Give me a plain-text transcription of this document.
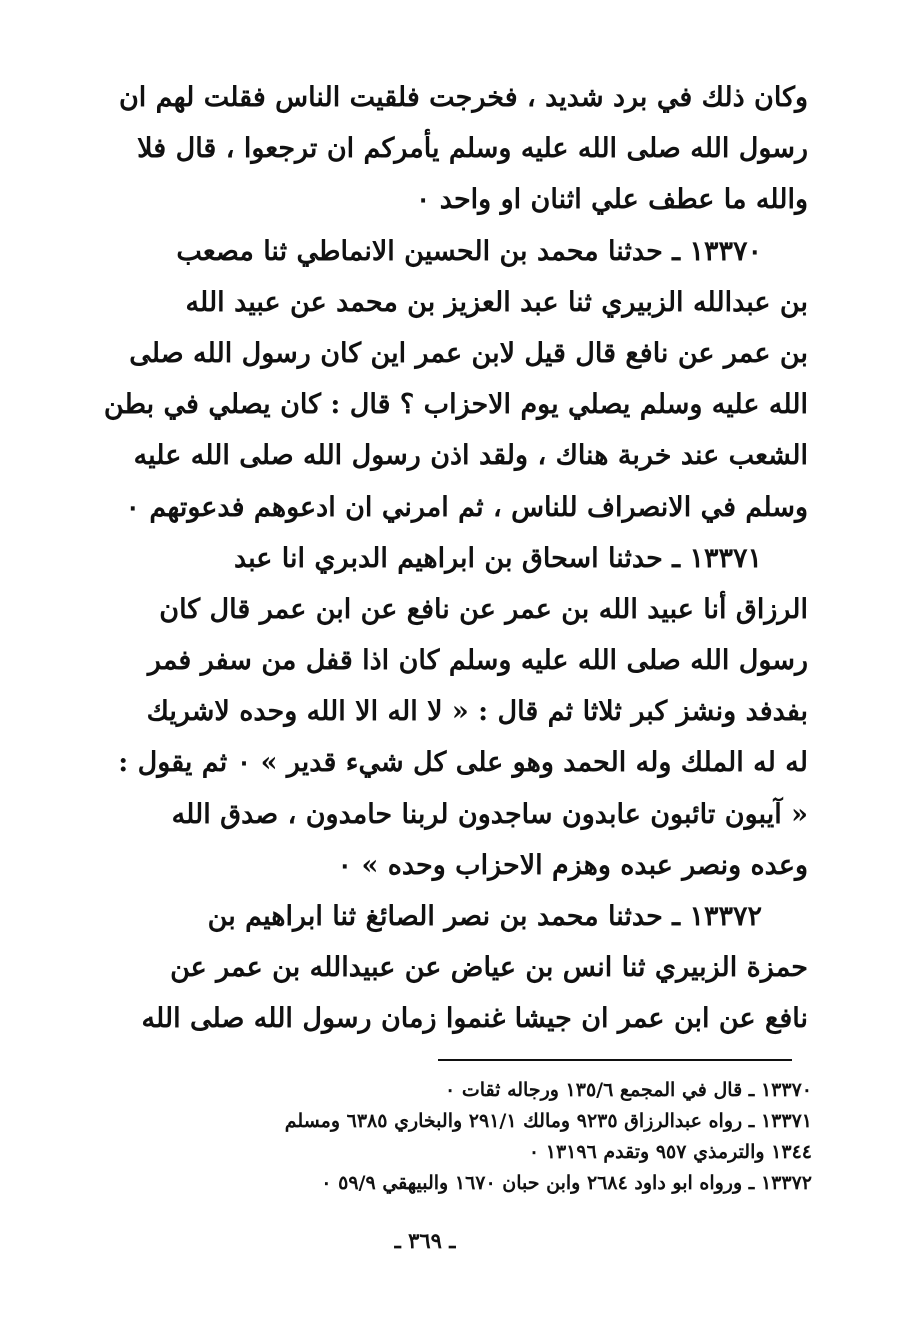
وكان ذلك في برد شديد ، فخرجت فلقيت الناس فقلت لهم ان
رسول الله صلى الله عليه وسلم يأمركم ان ترجعوا ، قال فلا
والله ما عطف علي اثنان او واحد ٠
١٣٣٧٠ ـ حدثنا محمد بن الحسين الانماطي ثنا مصعب
بن عبدالله الزبيري ثنا عبد العزيز بن محمد عن عبيد الله
بن عمر عن نافع قال قيل لابن عمر اين كان رسول الله صلى
الله عليه وسلم يصلي يوم الاحزاب ؟ قال : كان يصلي في بطن
الشعب عند خربة هناك ، ولقد اذن رسول الله صلى الله عليه
وسلم في الانصراف للناس ، ثم امرني ان ادعوهم فدعوتهم ٠
١٣٣٧١ ـ حدثنا اسحاق بن ابراهيم الدبري انا عبد
الرزاق أنا عبيد الله بن عمر عن نافع عن ابن عمر قال كان
رسول الله صلى الله عليه وسلم كان اذا قفل من سفر فمر
بفدفد ونشز كبر ثلاثا ثم قال : « لا اله الا الله وحده لاشريك
له له الملك وله الحمد وهو على كل شيء قدير » ٠ ثم يقول :
« آيبون تائبون عابدون ساجدون لربنا حامدون ، صدق الله
وعده ونصر عبده وهزم الاحزاب وحده » ٠
١٣٣٧٢ ـ حدثنا محمد بن نصر الصائغ ثنا ابراهيم بن
حمزة الزبيري ثنا انس بن عياض عن عبيدالله بن عمر عن
نافع عن ابن عمر ان جيشا غنموا زمان رسول الله صلى الله
١٣٣٧٠ ـ قال في المجمع ١٣٥/٦ ورجاله ثقات ٠
١٣٣٧١ ـ رواه عبدالرزاق ٩٢٣٥ ومالك ٢٩١/١ والبخاري ٦٣٨٥ ومسلم
١٣٤٤ والترمذي ٩٥٧ وتقدم ١٣١٩٦ ٠
١٣٣٧٢ ـ ورواه ابو داود ٢٦٨٤ وابن حبان ١٦٧٠ والبيهقي ٥٩/٩ ٠
ـ ٣٦٩ ـ
